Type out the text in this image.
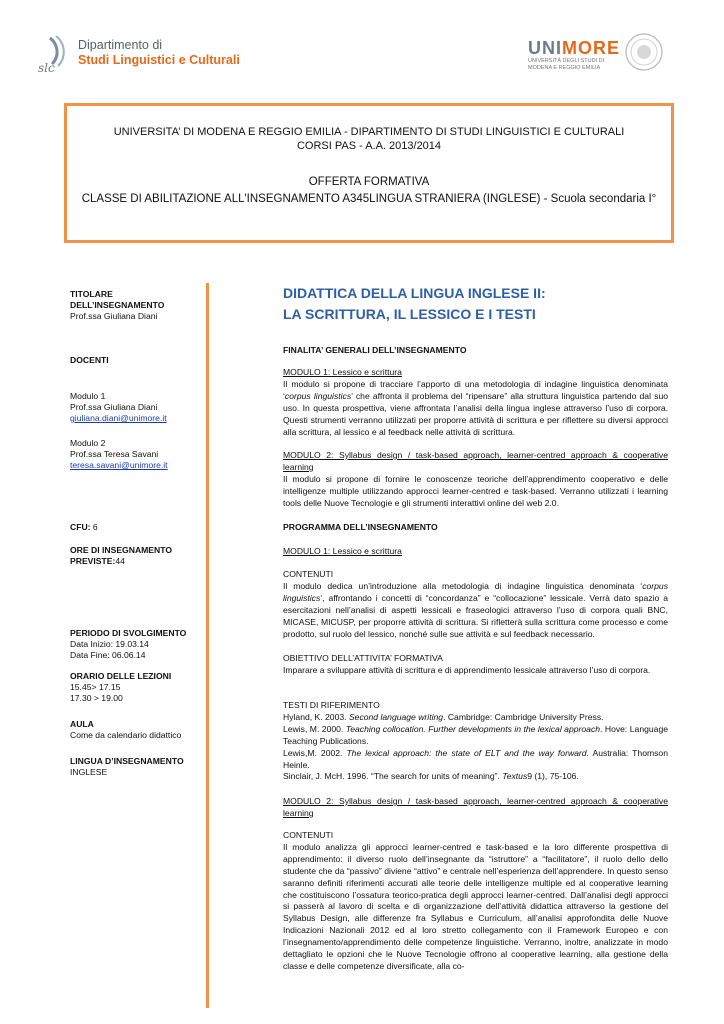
slc
Dipartimento di
Studi Linguistici e Culturali
UNIMORE
UNIVERSITÀ DEGLI STUDI DI
MODENA E REGGIO EMILIA

UNIVERSITA’ DI MODENA E REGGIO EMILIA - DIPARTIMENTO DI STUDI LINGUISTICI E CULTURALI

CORSI PAS - A.A. 2013/2014

OFFERTA FORMATIVA

CLASSE DI ABILITAZIONE ALL'INSEGNAMENTO A345LINGUA STRANIERA (INGLESE) - Scuola secondaria I°

TITOLARE DELL’INSEGNAMENTO
Prof.ssa Giuliana Diani
DOCENTI
Modulo 1
Prof.ssa Giuliana Diani
giuliana.diani@unimore.it
Modulo 2
Prof.ssa Teresa Savani
teresa.savani@unimore.it
CFU: 6
ORE DI INSEGNAMENTO
PREVISTE:44
PERIODO DI SVOLGIMENTO
Data Inizio: 19.03.14
Data Fine: 06.06.14
ORARIO DELLE LEZIONI
15.45> 17.15
17.30 > 19.00
AULA
Come da calendario didattico
LINGUA D’INSEGNAMENTO
INGLESE
DIDATTICA DELLA LINGUA INGLESE II:
LA SCRITTURA, IL LESSICO E I TESTI
FINALITA’ GENERALI DELL’INSEGNAMENTO
MODULO 1: Lessico e scrittura
Il modulo si propone di tracciare l’apporto di una metodologia di indagine linguistica denominata ‘corpus linguistics’ che affronta il problema del “ripensare” alla struttura linguistica partendo dal suo uso. In questa prospettiva, viene affrontata l’analisi della lingua inglese attraverso l’uso di corpora. Questi strumenti verranno utilizzati per proporre attività di scrittura e per riflettere su diversi approcci alla scrittura, al lessico e al feedback nelle attività di scrittura.
MODULO 2: Syllabus design / task-based approach, learner-centred approach & cooperative learning
Il modulo si propone di fornire le conoscenze teoriche dell’apprendimento cooperativo e delle intelligenze multiple utilizzando approcci learner-centred e task-based. Verranno utilizzati i learning tools delle Nuove Tecnologie e gli strumenti interattivi online del web 2.0.
PROGRAMMA DELL’INSEGNAMENTO
MODULO 1: Lessico e scrittura
CONTENUTI
Il modulo dedica un’introduzione alla metodologia di indagine linguistica denominata ‘corpus linguistics’, affrontando i concetti di “concordanza” e “collocazione” lessicale. Verrà dato spazio a esercitazioni nell’analisi di aspetti lessicali e fraseologici attraverso l’uso di corpora quali BNC, MICASE, MICUSP, per proporre attività di scrittura. Si rifletterà sulla scrittura come processo e come prodotto, sul ruolo del lessico, nonché sulle sue attività e sul feedback necessario.
OBIETTIVO DELL’ATTIVITA’ FORMATIVA
Imparare a sviluppare attività di scrittura e di apprendimento lessicale attraverso l’uso di corpora.
TESTI DI RIFERIMENTO
Hyland, K. 2003. Second language writing. Cambridge: Cambridge University Press.
Lewis, M. 2000. Teaching collocation. Further developments in the lexical approach. Hove: Language Teaching Publications.
Lewis,M. 2002. The lexical approach: the state of ELT and the way forward. Australia: Thomson Heinle.
Sinclair, J. McH. 1996. “The search for units of meaning”. Textus9 (1), 75-106.
MODULO 2: Syllabus design / task-based approach, learner-centred approach & cooperative learning
CONTENUTI
Il modulo analizza gli approcci learner-centred e task-based e la loro differente prospettiva di apprendimento: il diverso ruolo dell’insegnante da “istruttore” a “facilitatore”, il ruolo dello dello studente che da “passivo” diviene “attivo” e centrale nell’esperienza dell’apprendere. In questo senso saranno definiti riferimenti accurati alle teorie delle intelligenze multiple ed al cooperative learning che costituiscono l’ossatura teorico-pratica degli approcci learner-centred. Dall’analisi degli approcci si passerà al lavoro di scelta e di organizzazione dell’attività didattica attraverso la gestione del Syllabus Design, alle differenze fra Syllabus e Curriculum, all’analisi approfondita delle Nuove Indicazioni Nazionali 2012 ed al loro stretto collegamento con il Framework Europeo e con l’insegnamento/apprendimento delle competenze linguistiche. Verranno, inoltre, analizzate in modo dettagliato le opzioni che le Nuove Tecnologie offrono al cooperative learning, alla gestione della classe e delle competenze diversificate, alla co-
